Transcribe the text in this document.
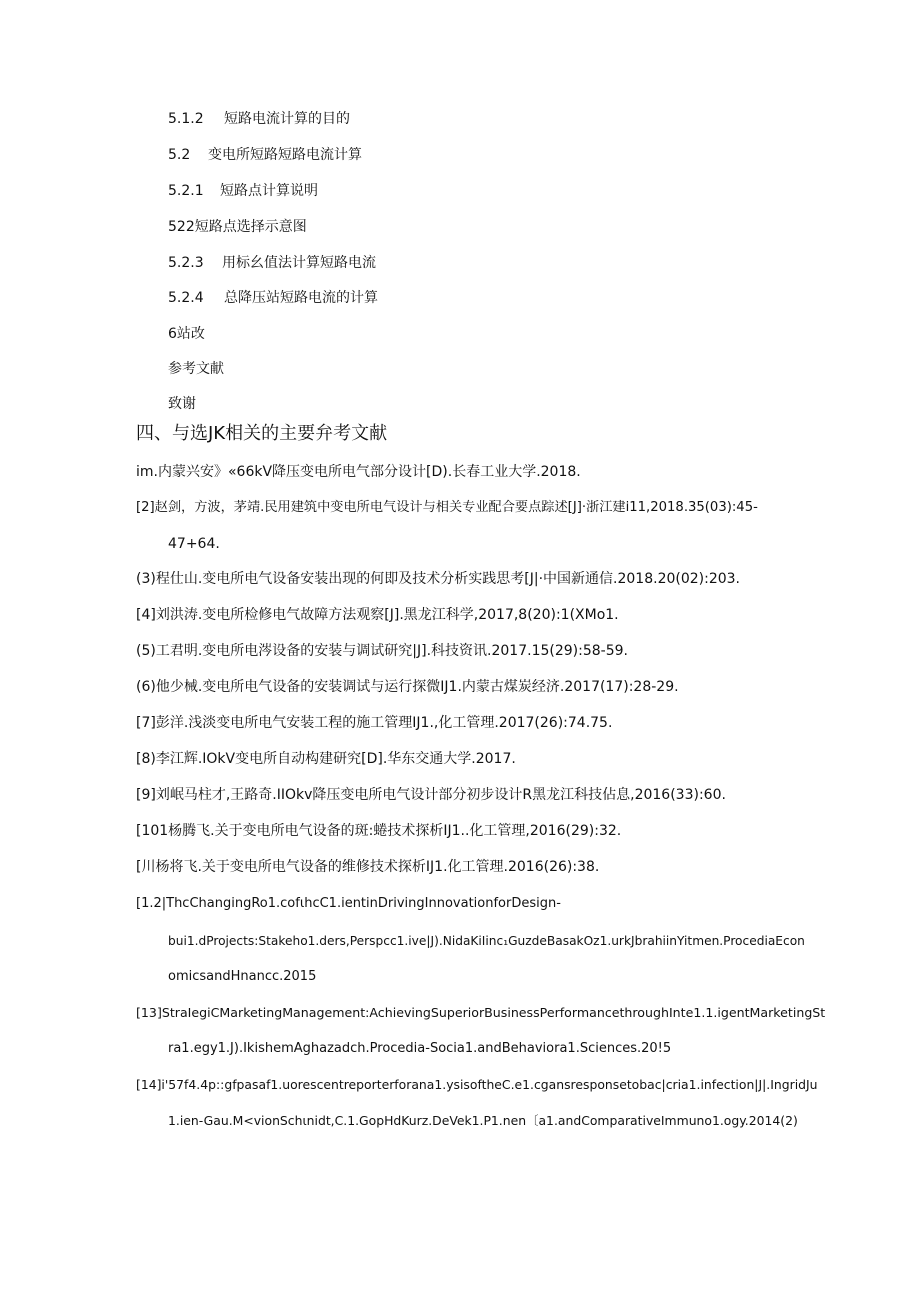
5.1.2 短路电流计算的目的
5.2 变电所短路短路电流计算
5.2.1 短路点计算说明
522短路点选择示意图
5.2.3 用标幺值法计算短路电流
5.2.4 总降压站短路电流的计算
6站改
参考文献
致谢
四、与选JK相关的主要弁考文献
im.内蒙兴安》«66kV降压变电所电气部分设计[D).长春工业大学.2018.
[2]赵剑，方波，茅靖.民用建筑中变电所电气设计与相关专业配合要点踪述[J]·浙江建i11,2018.35(03):45-
47+64.
(3)程仕山.变电所电气设备安装出现的何即及技术分析实践思考[J|·中国新通信.2018.20(02):203.
[4]刘洪涛.变电所检修电气故障方法观察[J].黑龙江科学,2017,8(20):1(XMo1.
(5)工君明.变电所电涔设备的安装与调试研究|J].科技资讯.2017.15(29):58-59.
(6)他少械.变电所电气设备的安装调试与运行探微IJ1.内蒙古煤炭经济.2017(17):28-29.
[7]彭洋.浅淡变电所电气安装工程的施工管理IJ1.,化工管理.2017(26):74.75.
[8)李江辉.IOkV变电所自动构建研究[D].华东交通大学.2017.
[9]刘岷马柱才,王路奇.IIOkv降压变电所电气设计部分初步设计R黑龙江科技佔息,2016(33):60.
[101杨腾飞.关于变电所电气设备的斑:蜷技术探析IJ1..化工管理,2016(29):32.
[川杨将飞.关于变电所电气设备的维修技术探析IJ1.化工管理.2016(26):38.
[1.2|ThcChangingRo1.cofιhcC1.ientinDrivingInnovationforDesign-
bui1.dProjects:Stakeho1.ders,Perspcc1.ive|J).NidaKiIinc₁GuzdeBasakOz1.urkJbrahiinYitmen.ProcediaEcon
omicsandHnancc.2015
[13]StraIegiCMarketingManagement:AchievingSuperiorBusinessPerformancethroughInte1.1.igentMarketingSt
ra1.egy1.J).IkishemAghazadch.Procedia-Socia1.andBehaviora1.Sciences.20!5
[14]i'57f4.4p::gfpasaf1.uorescentreporterforana1.ysisoftheC.e1.cgansresponsetobac|cria1.infection|J|.IngridJu
1.ien-Gau.M<vionSchιnidt,C.1.GopHdKurz.DeVek1.P1.nen〔a1.andComparativeImmuno1.ogy.2014(2)
